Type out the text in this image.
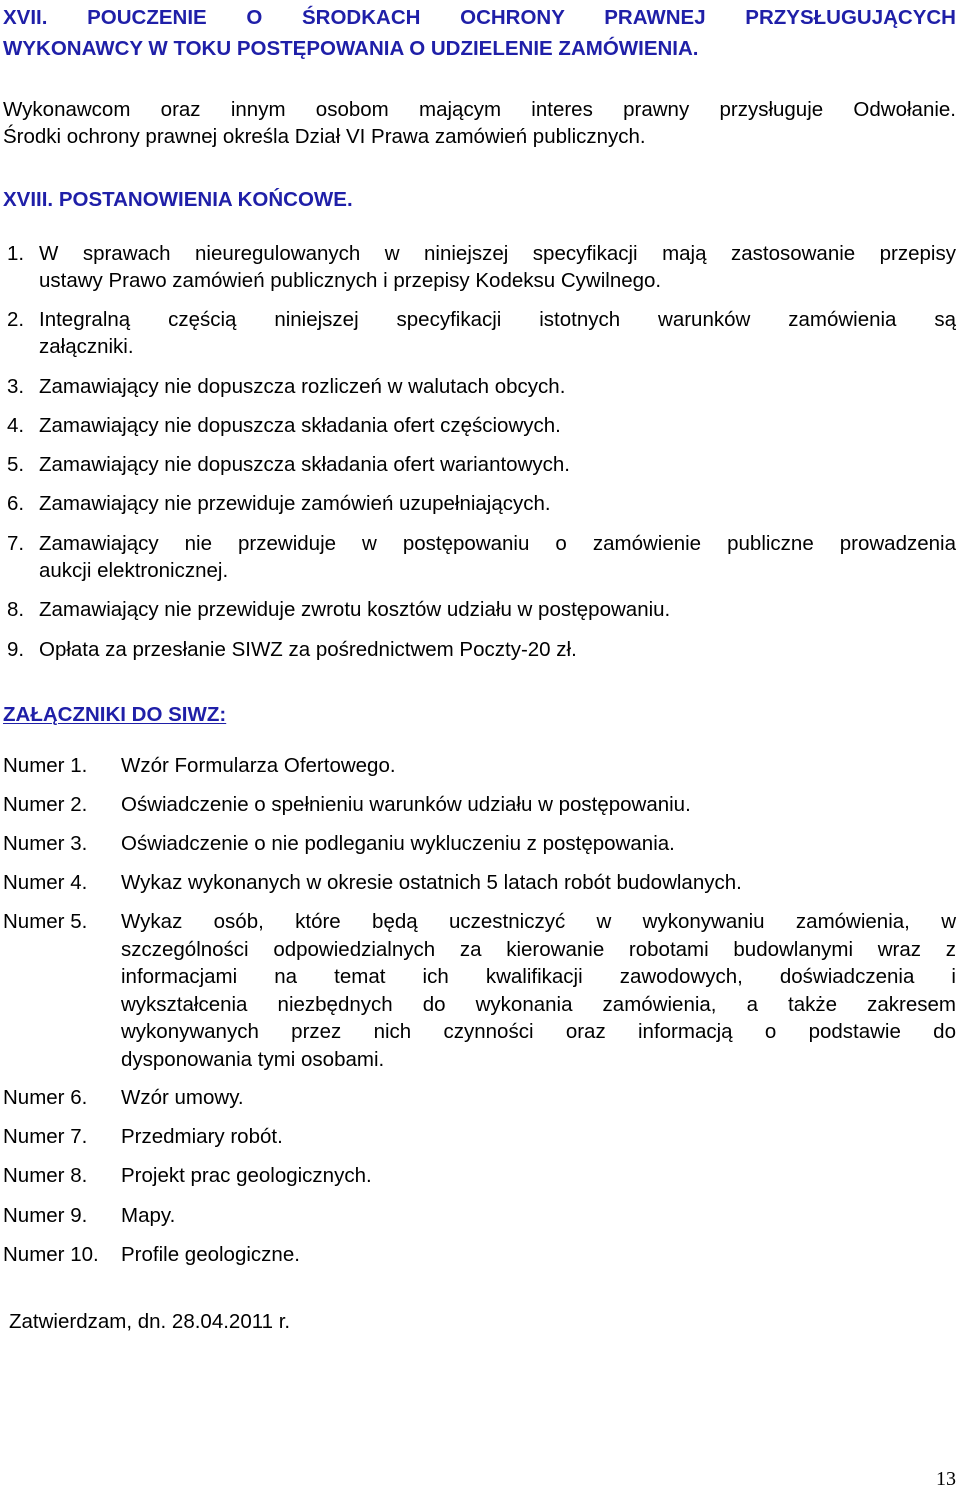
XVII. POUCZENIE O ŚRODKACH OCHRONY PRAWNEJ PRZYSŁUGUJĄCYCH
WYKONAWCY W TOKU POSTĘPOWANIA O UDZIELENIE ZAMÓWIENIA.
Wykonawcom oraz innym osobom mającym interes prawny przysługuje Odwołanie.
Środki ochrony prawnej określa Dział VI Prawa zamówień publicznych.
XVIII. POSTANOWIENIA KOŃCOWE.
1. W sprawach nieuregulowanych w niniejszej specyfikacji mają zastosowanie przepisy
ustawy Prawo zamówień publicznych i przepisy Kodeksu Cywilnego.
2. Integralną częścią niniejszej specyfikacji istotnych warunków zamówienia są
załączniki.
3. Zamawiający nie dopuszcza rozliczeń w walutach obcych.
4. Zamawiający nie dopuszcza składania ofert częściowych.
5. Zamawiający nie dopuszcza składania ofert wariantowych.
6. Zamawiający nie przewiduje zamówień uzupełniających.
7. Zamawiający nie przewiduje w postępowaniu o zamówienie publiczne prowadzenia
aukcji elektronicznej.
8. Zamawiający nie przewiduje zwrotu kosztów udziału w postępowaniu.
9. Opłata za przesłanie SIWZ za pośrednictwem Poczty-20 zł.
ZAŁĄCZNIKI DO SIWZ:
Numer 1. Wzór Formularza Ofertowego.
Numer 2. Oświadczenie o spełnieniu warunków udziału w postępowaniu.
Numer 3. Oświadczenie o nie podleganiu wykluczeniu z postępowania.
Numer 4. Wykaz wykonanych w okresie ostatnich 5 latach robót budowlanych.
Numer 5. Wykaz osób, które będą uczestniczyć w wykonywaniu zamówienia, w
szczególności odpowiedzialnych za kierowanie robotami budowlanymi wraz z
informacjami na temat ich kwalifikacji zawodowych, doświadczenia i
wykształcenia niezbędnych do wykonania zamówienia, a także zakresem
wykonywanych przez nich czynności oraz informacją o podstawie do
dysponowania tymi osobami.
Numer 6. Wzór umowy.
Numer 7. Przedmiary robót.
Numer 8. Projekt prac geologicznych.
Numer 9. Mapy.
Numer 10. Profile geologiczne.
Zatwierdzam, dn. 28.04.2011 r.
13
